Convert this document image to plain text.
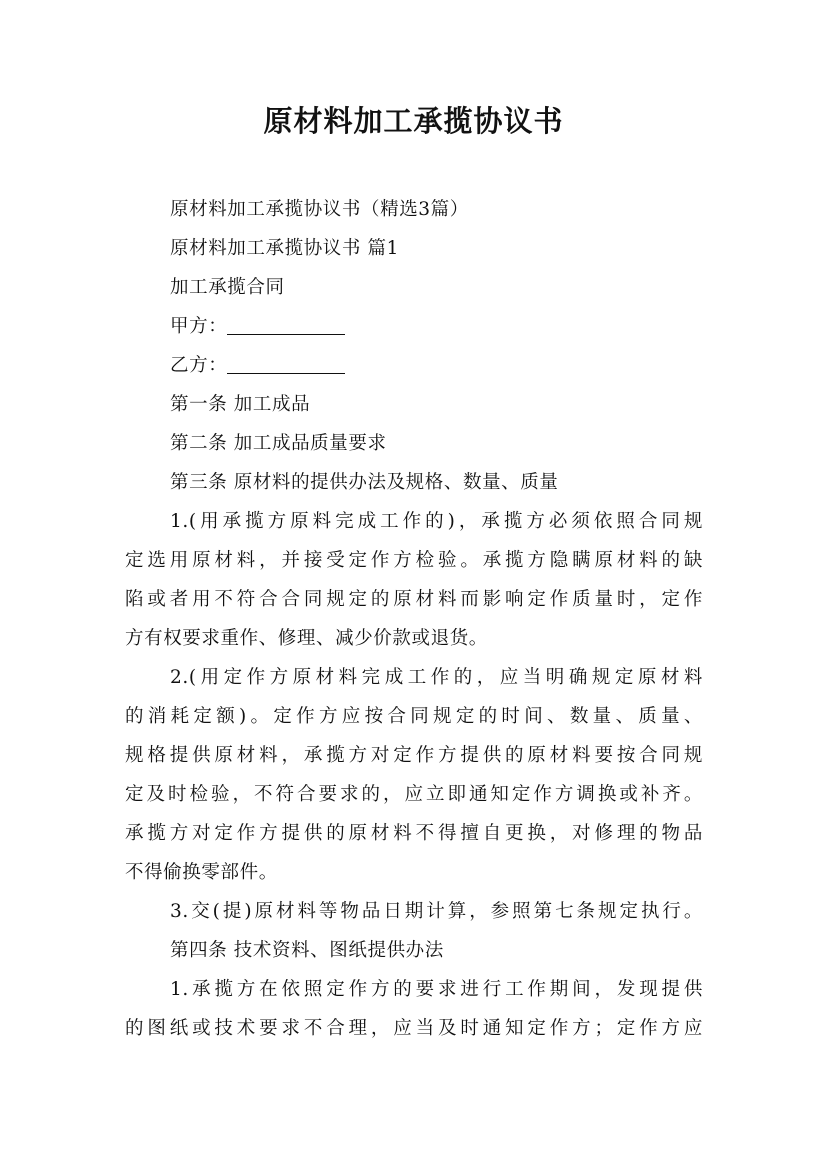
原材料加工承揽协议书
原材料加工承揽协议书（精选3篇）
原材料加工承揽协议书 篇1
加工承揽合同
甲方：
乙方：
第一条 加工成品
第二条 加工成品质量要求
第三条 原材料的提供办法及规格、数量、质量
1.(用承揽方原料完成工作的)，承揽方必须依照合同规
定选用原材料，并接受定作方检验。承揽方隐瞒原材料的缺
陷或者用不符合合同规定的原材料而影响定作质量时，定作
方有权要求重作、修理、减少价款或退货。
2.(用定作方原材料完成工作的，应当明确规定原材料
的消耗定额)。定作方应按合同规定的时间、数量、质量、
规格提供原材料，承揽方对定作方提供的原材料要按合同规
定及时检验，不符合要求的，应立即通知定作方调换或补齐。
承揽方对定作方提供的原材料不得擅自更换，对修理的物品
不得偷换零部件。
3.交(提)原材料等物品日期计算，参照第七条规定执行。
第四条 技术资料、图纸提供办法
1.承揽方在依照定作方的要求进行工作期间，发现提供
的图纸或技术要求不合理，应当及时通知定作方；定作方应
